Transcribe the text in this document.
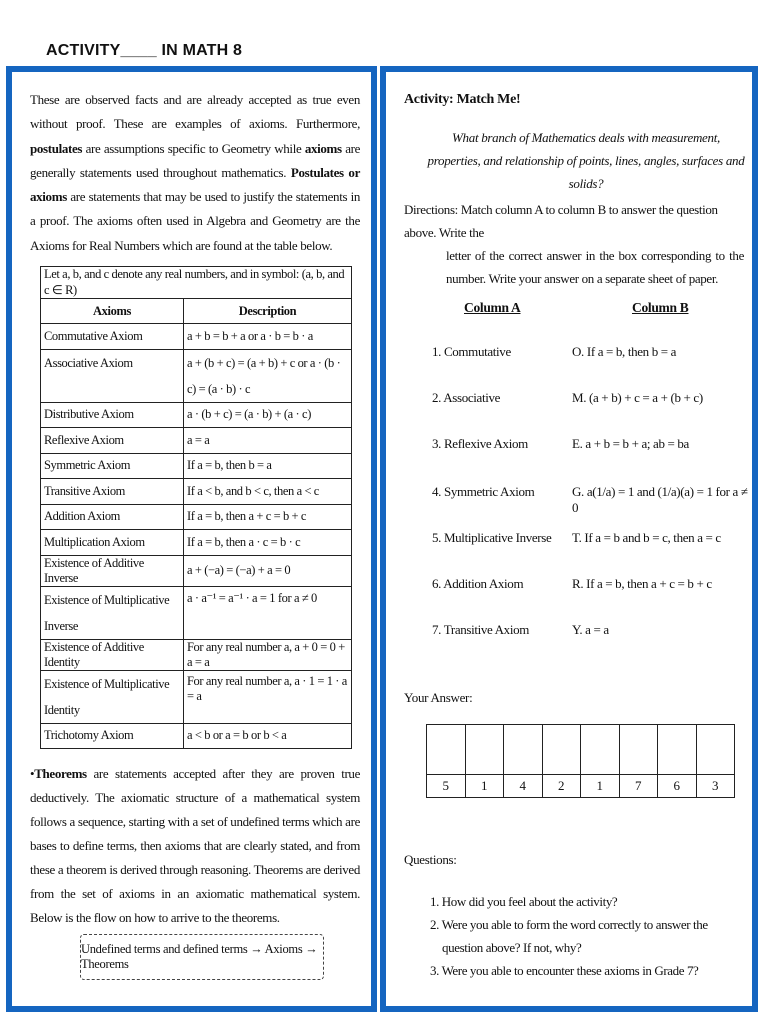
ACTIVITY____ IN MATH 8
These are observed facts and are already accepted as true even without proof. These are examples of axioms. Furthermore, postulates are assumptions specific to Geometry while axioms are generally statements used throughout mathematics. Postulates or axioms are statements that may be used to justify the statements in a proof. The axioms often used in Algebra and Geometry are the Axioms for Real Numbers which are found at the table below.
Let a, b, and c denote any real numbers, and in symbol: (a, b, and c ∈ R)	
Axioms	Description
Commutative Axiom	a + b = b + a or a · b = b · a
Associative Axiom	a + (b + c) = (a + b) + c or a · (b · c) = (a · b) · c
Distributive Axiom	a · (b + c) = (a · b) + (a · c)
Reflexive Axiom	a = a
Symmetric Axiom	If a = b, then b = a
Transitive Axiom	If a < b, and b < c, then a < c
Addition Axiom	If a = b, then a + c = b + c
Multiplication Axiom	If a = b, then a · c = b · c
Existence of Additive Inverse	a + (−a) = (−a) + a = 0
Existence of Multiplicative Inverse	a · a⁻¹ = a⁻¹ · a = 1 for a ≠ 0
Existence of Additive Identity	For any real number a, a + 0 = 0 + a = a
Existence of Multiplicative Identity	For any real number a, a · 1 = 1 · a = a
Trichotomy Axiom	a < b or a = b or b < a
•Theorems are statements accepted after they are proven true deductively. The axiomatic structure of a mathematical system follows a sequence, starting with a set of undefined terms which are bases to define terms, then axioms that are clearly stated, and from these a theorem is derived through reasoning. Theorems are derived from the set of axioms in an axiomatic mathematical system. Below is the flow on how to arrive to the theorems.
Undefined terms and defined terms → Axioms → Theorems
Activity: Match Me!
What branch of Mathematics deals with measurement, properties, and relationship of points, lines, angles, surfaces and solids?
Directions: Match column A to column B to answer the question above. Write the
letter of the correct answer in the box corresponding to the number. Write your answer on a separate sheet of paper.
Column A	Column B
1. Commutative	O. If a = b, then b = a
2. Associative	M. (a + b) + c = a + (b + c)
3. Reflexive Axiom	E. a + b = b + a; ab = ba
4. Symmetric Axiom	G. a(1/a) = 1 and (1/a)(a) = 1 for a ≠ 0
5. Multiplicative Inverse T. If a = b and b = c, then a = c
6. Addition Axiom	R. If a = b, then a + c = b + c
7. Transitive Axiom	Y. a = a
Your Answer:

5	1	4	2	1	7	6	3
Questions:
1. How did you feel about the activity?
2. Were you able to form the word correctly to answer the question above? If not, why?
3. Were you able to encounter these axioms in Grade 7?
